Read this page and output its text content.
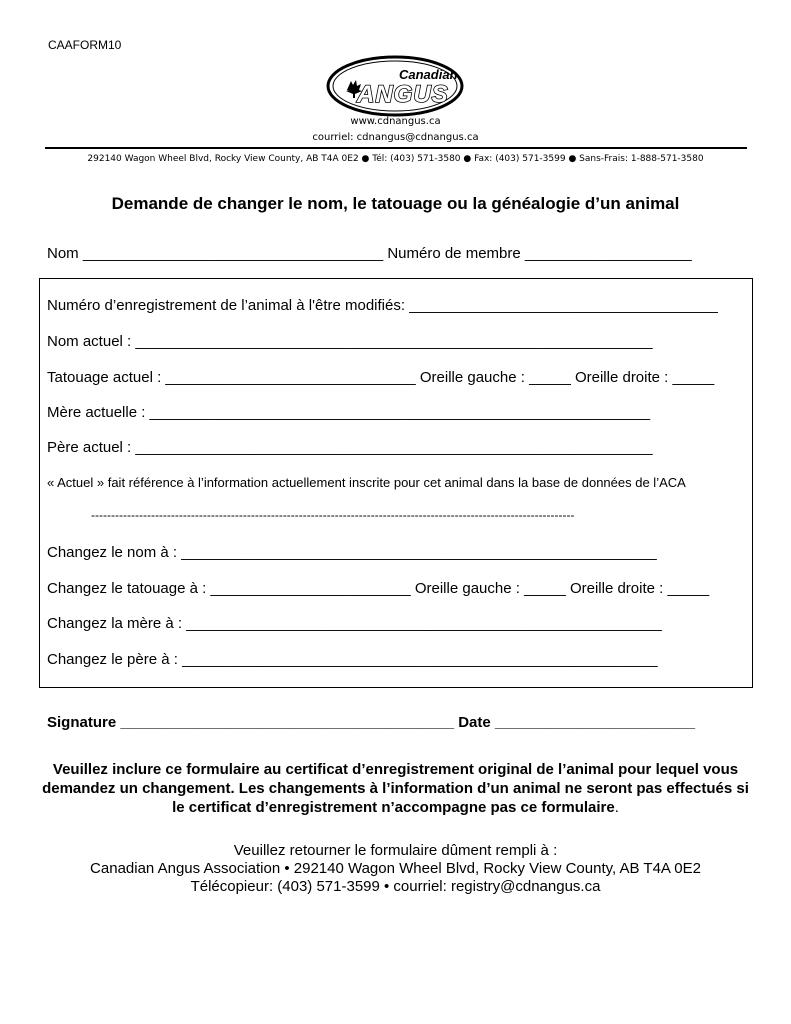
CAAFORM10
Canadian
ANGUS
www.cdnangus.ca
courriel: cdnangus@cdnangus.ca
292140 Wagon Wheel Blvd, Rocky View County, AB T4A 0E2 ● Tél: (403) 571-3580 ● Fax: (403) 571-3599 ● Sans-Frais: 1-888-571-3580
Demande de changer le nom, le tatouage ou la généalogie d’un animal
Nom ____________________________________ Numéro de membre ____________________
Numéro d’enregistrement de l’animal à l'être modifiés: _____________________________________
Nom actuel : ______________________________________________________________
Tatouage actuel : ______________________________ Oreille gauche : _____ Oreille droite : _____
Mère actuelle : ____________________________________________________________
Père actuel : ______________________________________________________________
« Actuel » fait référence à l’information actuellement inscrite pour cet animal dans la base de données de l’ACA
-------------------------------------------------------------------------------------------------------------------------
Changez le nom à : _________________________________________________________
Changez le tatouage à : ________________________ Oreille gauche : _____ Oreille droite : _____
Changez la mère à : _________________________________________________________
Changez le père à : _________________________________________________________
Signature ________________________________________ Date ________________________
Veuillez inclure ce formulaire au certificat d’enregistrement original de l’animal pour lequel vous demandez un changement. Les changements à l’information d’un animal ne seront pas effectués si le certificat d’enregistrement n’accompagne pas ce formulaire.
Veuillez retourner le formulaire dûment rempli à :
Canadian Angus Association • 292140 Wagon Wheel Blvd, Rocky View County, AB T4A 0E2
Télécopieur: (403) 571-3599 • courriel: registry@cdnangus.ca
